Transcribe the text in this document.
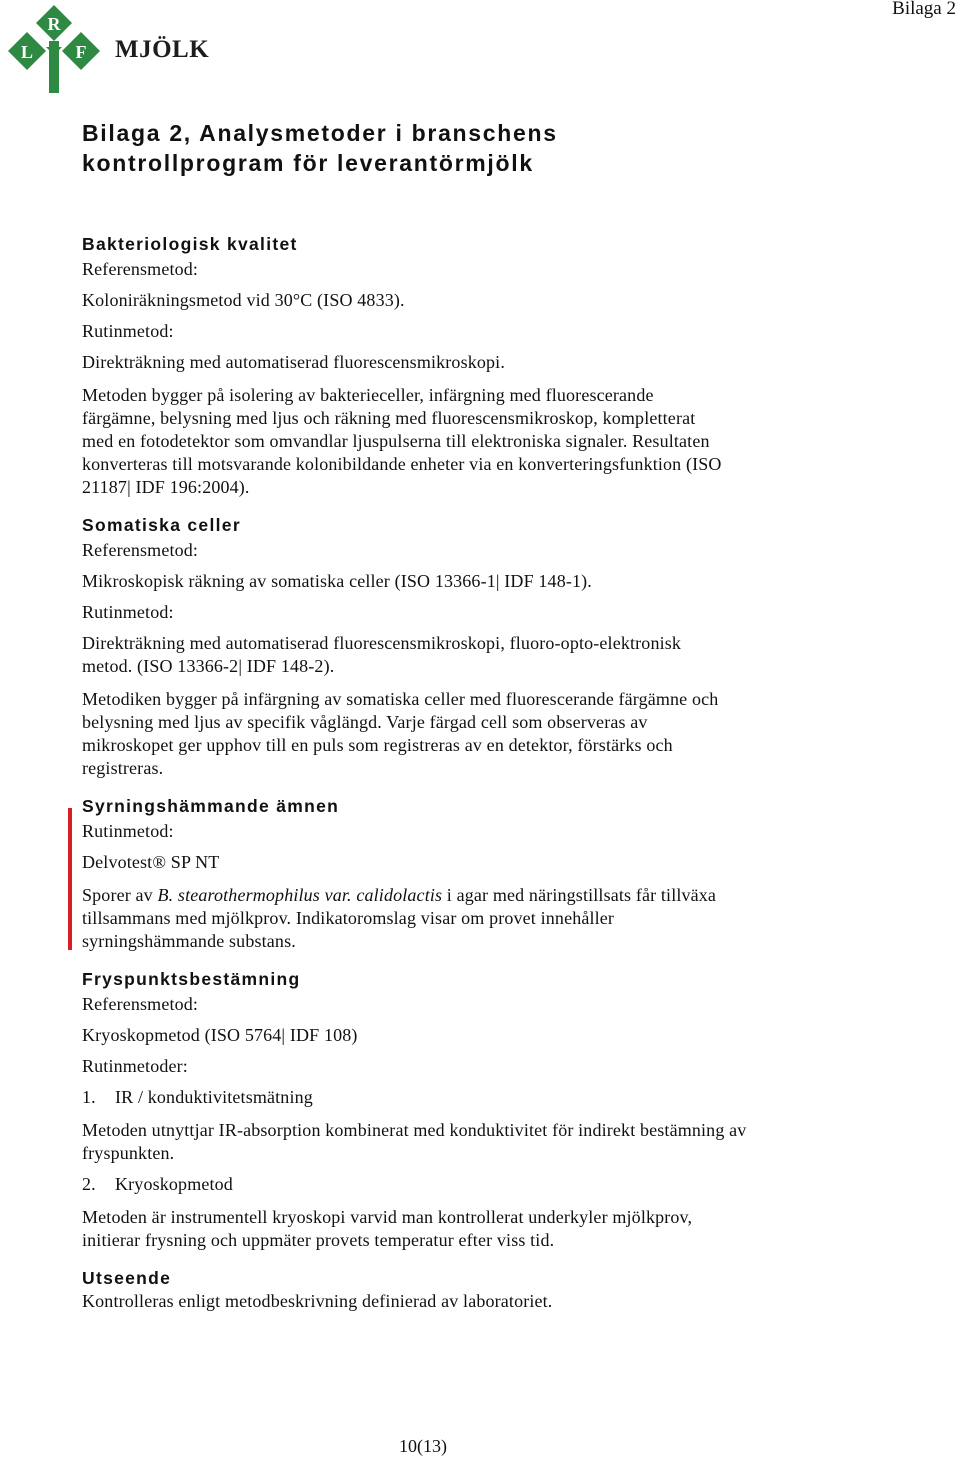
R
L F MJÖLK
Bilaga 2
Bilaga 2, Analysmetoder i branschens
kontrollprogram för leverantörmjölk
Bakteriologisk kvalitet

Referensmetod:

Koloniräkningsmetod vid 30°C (ISO 4833).

Rutinmetod:

Direkträkning med automatiserad fluorescensmikroskopi.

Metoden bygger på isolering av bakterieceller, infärgning med fluorescerande färgämne, belysning med ljus och räkning med fluorescensmikroskop, kompletterat med en fotodetektor som omvandlar ljuspulserna till elektroniska signaler. Resultaten konverteras till motsvarande kolonibildande enheter via en konverteringsfunktion (ISO 21187| IDF 196:2004).

Somatiska celler

Referensmetod:

Mikroskopisk räkning av somatiska celler (ISO 13366-1| IDF 148-1).

Rutinmetod:

Direkträkning med automatiserad fluorescensmikroskopi, fluoro-opto-elektronisk metod. (ISO 13366-2| IDF 148-2).

Metodiken bygger på infärgning av somatiska celler med fluorescerande färgämne och belysning med ljus av specifik våglängd. Varje färgad cell som observeras av mikroskopet ger upphov till en puls som registreras av en detektor, förstärks och registreras.

Syrningshämmande ämnen

Rutinmetod:

Delvotest® SP NT

Sporer av B. stearothermophilus var. calidolactis i agar med näringstillsats får tillväxa tillsammans med mjölkprov. Indikatoromslag visar om provet innehåller syrningshämmande substans.

Fryspunktsbestämning

Referensmetod:

Kryoskopmetod (ISO 5764| IDF 108)

Rutinmetoder:

1. IR / konduktivitetsmätning

Metoden utnyttjar IR-absorption kombinerat med konduktivitet för indirekt bestämning av fryspunkten.

2. Kryoskopmetod

Metoden är instrumentell kryoskopi varvid man kontrollerat underkyler mjölkprov, initierar frysning och uppmäter provets temperatur efter viss tid.

Utseende

Kontrolleras enligt metodbeskrivning definierad av laboratoriet.

10(13)
